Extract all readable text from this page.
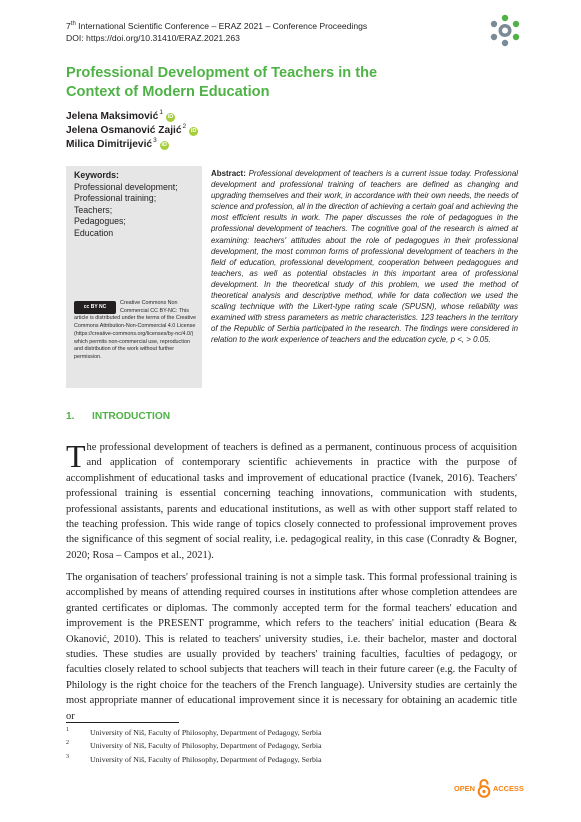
7th International Scientific Conference – ERAZ 2021 – Conference Proceedings
DOI: https://doi.org/10.31410/ERAZ.2021.263
Professional Development of Teachers in the Context of Modern Education
Jelena Maksimović$^1$
iD
Jelena Osmanović Zajić$^2$
iD
Milica Dimitrijević$^3$
iD
Keywords:
Professional development;
Professional training;
Teachers;
Pedagogues;
Education
cc BY NC
Creative Commons Non Commercial CC BY-NC: This article is distributed under the terms of the Creative Commons Attribution-Non-Commercial 4.0 License (https://creative-commons.org/licenses/by-nc/4.0/) which permits non-commercial use, reproduction and distribution of the work without further permission.
Abstract: Professional development of teachers is a current issue today. Professional development and professional training of teachers are defined as changing and upgrading themselves and their work, in accordance with their own needs, the needs of science and profession, all in the direction of achieving a certain goal and achieving the most efficient results in work. The paper discusses the role of pedagogues in the professional development of teachers. The cognitive goal of the research is aimed at examining: teachers' attitudes about the role of pedagogues in their professional development, the most common forms of professional development of teachers in the field of education, professional development, cooperation between pedagogues and teachers, as well as potential obstacles in this important area of professional development. In the theoretical study of this problem, we used the method of theoretical analysis and descriptive method, while for data collection we used the scaling technique with the Likert-type rating scale (SPUSN), whose reliability was examined with stress parameters as metric characteristics. 123 teachers in the territory of the Republic of Serbia participated in the research. The findings were considered in relation to the work experience of teachers and the education cycle, p <, > 0.05.
1. INTRODUCTION

The professional development of teachers is defined as a permanent, continuous process of acquisition and application of contemporary scientific achievements in practice with the purpose of accomplishment of educational tasks and improvement of educational practice (Ivanek, 2016). Teachers' professional training is essential concerning teaching innovations, communication with students, professional assistants, parents and educational institutions, as well as with other support staff related to the teaching profession. This wide range of topics closely connected to professional improvement proves the significance of this segment of social reality, i.e. pedagogical reality, in this case (Conradty & Bogner, 2020; Rosa – Campos et al., 2021).

The organisation of teachers' professional training is not a simple task. This formal professional training is accomplished by means of attending required courses in institutions after whose completion attendees are granted certificates or diplomas. The commonly accepted term for the formal teachers' education and improvement is the PRESENT programme, which refers to the teachers' initial education (Beara & Okanović, 2010). This is related to teachers' university studies, i.e. their bachelor, master and doctoral studies. These studies are usually provided by teachers' training faculties, faculties of pedagogy, or faculties closely related to school subjects that teachers will teach in their future career (e.g. the Faculty of Philology is the right choice for the teachers of the French language). University studies are certainly the most appropriate manner of educational improvement since it is necessary for obtaining an academic title or

1	University of Niš, Faculty of Philosophy, Department of Pedagogy, Serbia
2	University of Niš, Faculty of Philosophy, Department of Pedagogy, Serbia
3	University of Niš, Faculty of Philosophy, Department of Pedagogy, Serbia
OPEN ACCESS
